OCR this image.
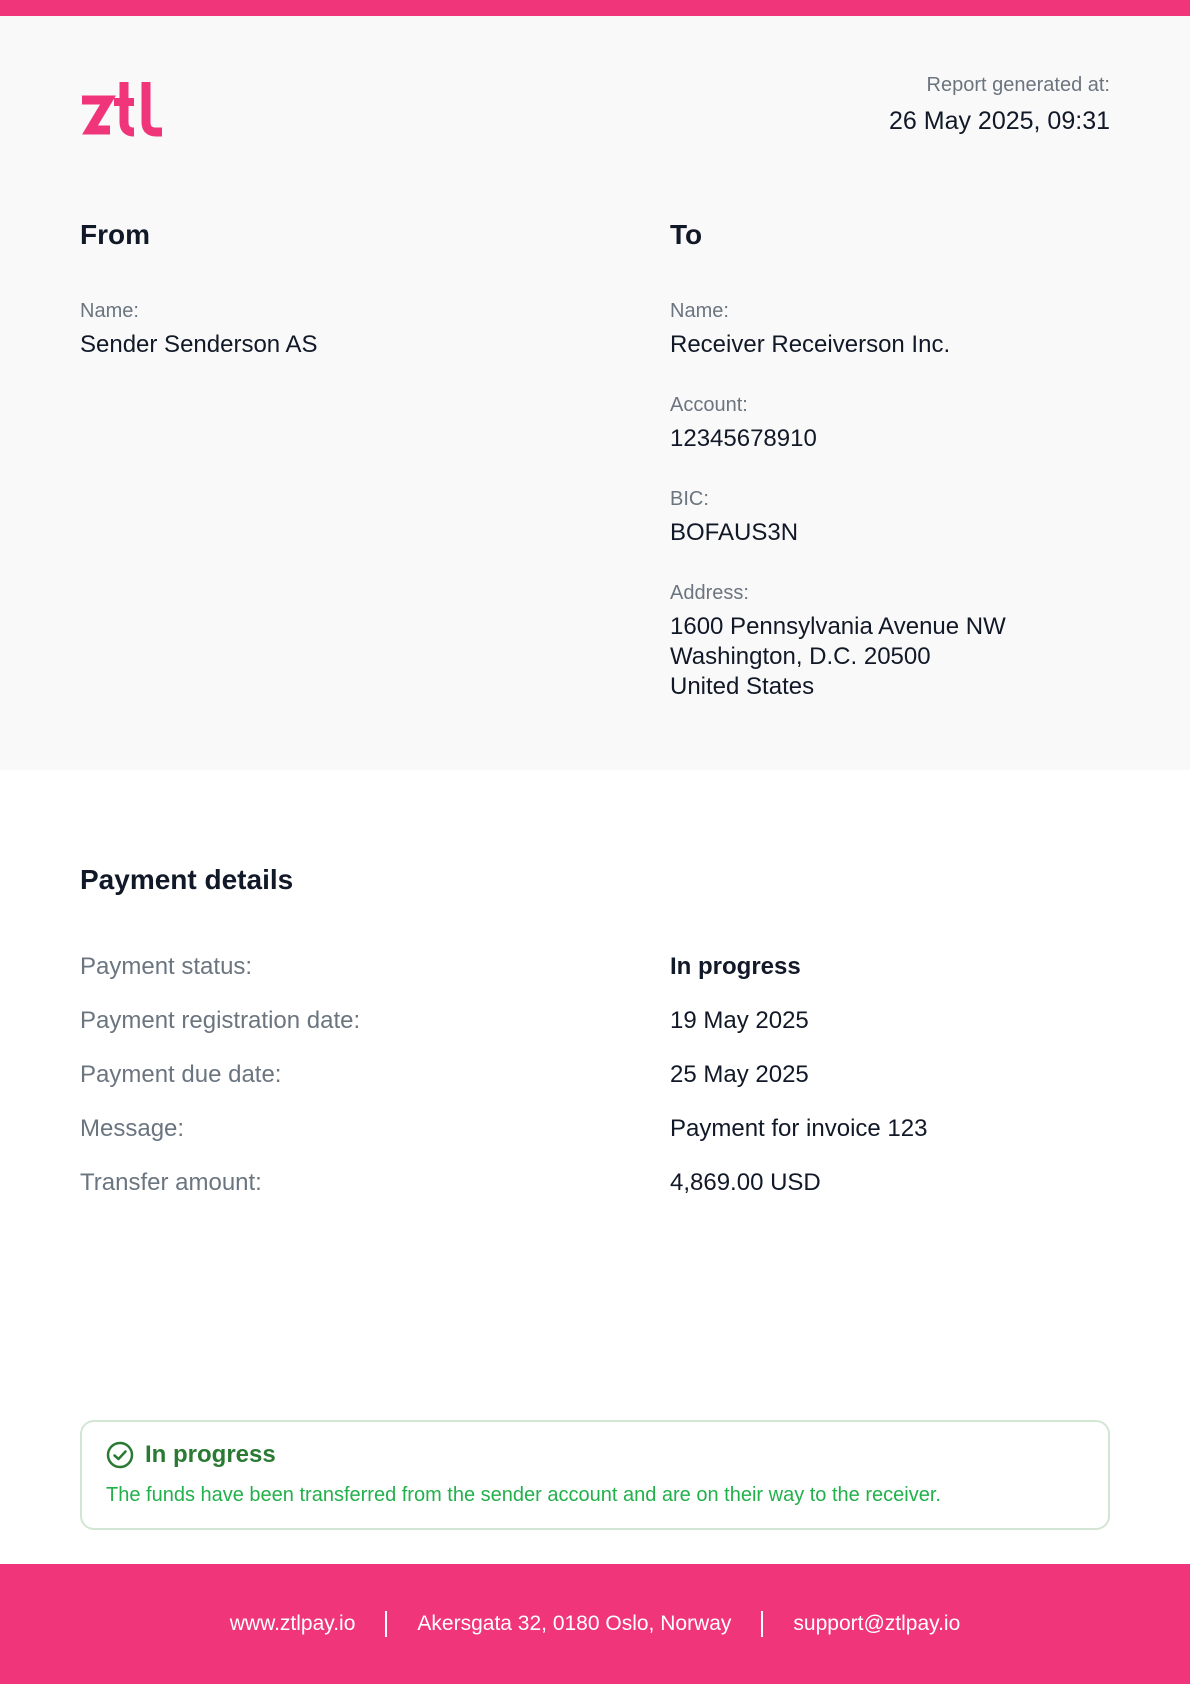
Report generated at:
26 May 2025, 09:31
From
Name:
Sender Senderson AS
To
Name:
Receiver Receiverson Inc.
Account:
12345678910
BIC:
BOFAUS3N
Address:
1600 Pennsylvania Avenue NW
Washington, D.C. 20500
United States
Payment details
Payment status:	In progress
Payment registration date:	19 May 2025
Payment due date:	25 May 2025
Message:	Payment for invoice 123
Transfer amount:	4,869.00 USD
In progress
The funds have been transferred from the sender account and are on their way to the receiver.
www.ztlpay.io	Akersgata 32, 0180 Oslo, Norway	support@ztlpay.io
